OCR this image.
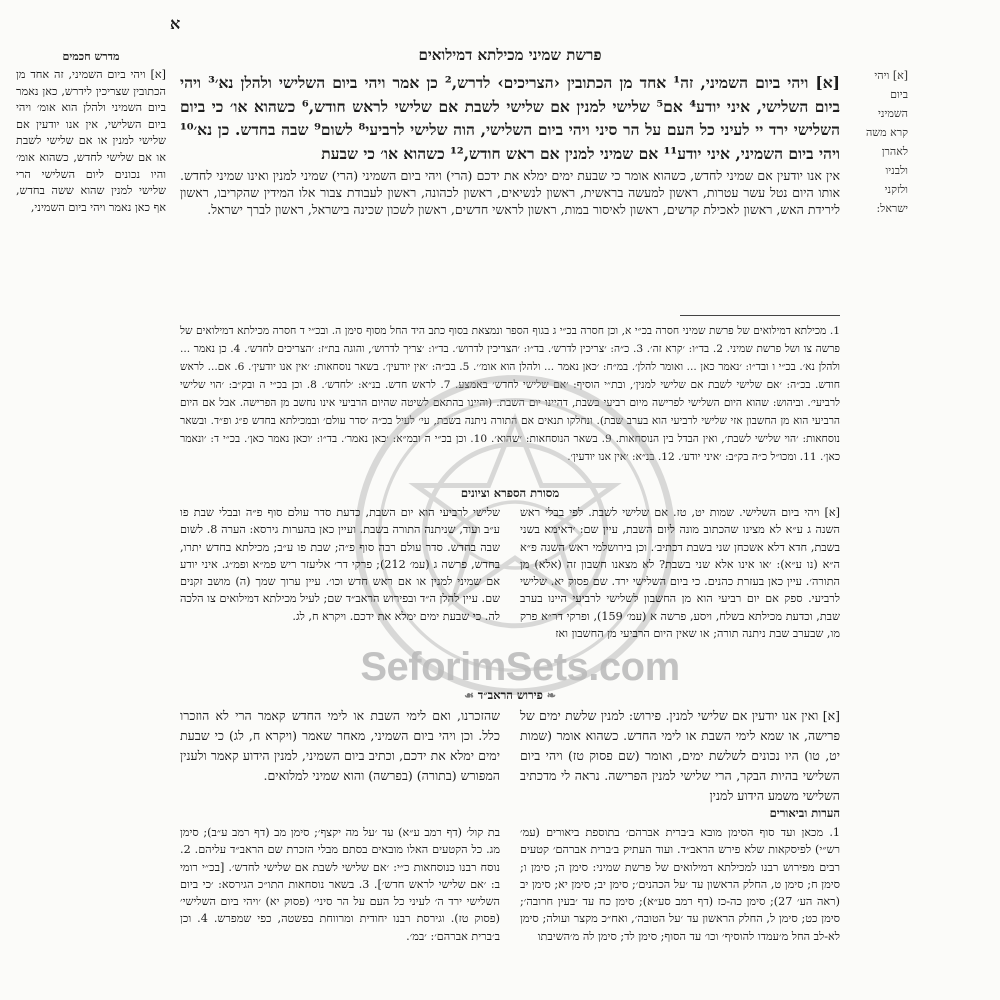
א
[א] ויהי ביום השמיני קרא משה לאהרן ולבניו ולזקני ישראל:
פרשת שמיני מכילתא דמילואים
[א] ויהי ביום השמיני, זה¹ אחד מן הכתובין ‹הצריכים› לדרש,² כן אמר ויהי ביום השלישי ולהלן נא׳³ ויהי ביום השלישי, איני יודע⁴ אם⁵ שלישי למנין אם שלישי לשבת אם שלישי לראש חודש,⁶ כשהוא או׳ כי ביום השלישי ירד יי לעיני כל העם על הר סיני ויהי ביום השלישי, הוה שלישי לרביעי⁸ לשום⁹ שבה בחדש. כן נא׳¹⁰ ויהי ביום השמיני, איני יודע¹¹ אם שמיני למנין אם ראש חודש,¹² כשהוא או׳ כי שבעת
אין אנו יודעין אם שמיני לחדש, כשהוא אומר כי שבעת ימים ימלא את ידכם (הרי) ויהי ביום השמיני (הרי) שמיני למנין ואינו שמיני לחדש. אותו היום נטל עשר עטרות, ראשון למעשה בראשית, ראשון לנשיאים, ראשון לכהונה, ראשון לעבודת צבור אלו המידין שהקריבו, ראשון לירידת האש, ראשון לאכילת קדשים, ראשון לאיסור במות, ראשון לראשי חדשים, ראשון לשכון שכינה בישראל, ראשון לברך ישראל.
מדרש חכמים
[א] ויהי ביום השמיני, זה אחד מן הכתובין שצריכין לידרש, כאן נאמר ביום השמיני ולהלן הוא אומ׳ ויהי ביום השלישי, אין אנו יודעין אם שלישי למנין או אם שלישי לשבת או אם שלישי לחדש, כשהוא אומ׳ והיו נכונים ליום השלישי הרי שלישי למנין שהוא ששה בחדש, אף כאן נאמר ויהי ביום השמיני,
1. מכילתא דמילואים של פרשת שמיני חסרה בכ״י א, וכן חסרה בכ״י ג בגוף הספר ונמצאת בסוף כתב היד החל מסוף סימן ה. ובכ״י ד חסרה מכילתא דמילואים של פרשה צו ושל פרשת שמיני. 2. בד״ו: ׳קרא זה׳. 3. כ״ה: ׳צריכין לדרש׳. בד״ו: ׳הצריכין לדרוש׳. בד״ו: ׳צריך לדרוש׳, והוגה בת״ז: ׳הצריכים לחדש׳. 4. כן נאמר ... ולהלן נא׳. בכ״י ו ובד״ו: ׳נאמר כאן ... ואומר להלן׳. במ״ח: ׳כאן נאמר ... ולהלן הוא אומ׳׳. 5. בכ״ה: ׳אין יודעין׳. בשאר נוסחאות: ׳אין אנו יודעין׳. 6. אם... לראש חודש. בכ״ה: ׳אם שלישי לשבת אם שלישי למנין׳, ובת״י הוסיף: ׳אם שלישי לחדש׳ באמצע. 7. לראש חדש. בנ״א: ׳לחדש׳. 8. וכן בכ״י ה ובק״ב: ׳הוי שלישי לרביעי׳. וביהוש: שהוא היום השלישי לפרישה מיום רביעי בשבת, דהיינו יום השבת. (והיינו בהתאם לשיטה שהיום הרביעי אינו נחשב מן הפרישה. אבל אם היום הרביעי הוא מן החשבון אזי שלישי לרביעי הוא בערב שבת). ונחלקו תנאים אם התורה ניתנה בשבת, עי׳ לעיל בכ״ה ׳סדר עולם׳ ובמכילתא בחדש פ״ג ופ״ד. ובשאר נוסחאות: ׳הוי שלישי לשבת׳, ואין הבדל בין הנוסחאות. 9. בשאר הנוסחאות: ׳שהוא׳. 10. וכן בכ״י ה ובמ״א: ׳כאן נאמר׳. בד״ו: ׳וכאן נאמר כאן׳. בכ״י ד: ׳ונאמר כאן׳. 11. ומכו״ל כ״ה בק״ב: ׳איני יודע׳. 12. בנ״א: ׳אין אנו יודעין׳.
מסורת הספרא וציונים
[א] ויהי ביום השלישי. שמות יט, טז. אם שלישי לשבת. לפי בבלי ראש השנה ג ע״א לא מצינו שהכתוב מונה ליום השבת, עיין שם: ׳דאימא בשני בשבת, חדא דלא אשכחן שני בשבת דכתיב׳. וכן בירושלמי ראש השנה פ״א ה״א (נו ע״א): ׳או אינו אלא שני בשבת? לא מצאנו חשבון זה (אלא) מן התורה׳. עיין כאן בעזרת כהנים. כי ביום השלישי ירד. שם פסוק יא. שלישי לרביעי. ספק אם יום רביעי הוא מן החשבון לשלישי לרביעי היינו בערב שבת, וכדעת מכילתא בשלח, ויסע, פרשה א (עמ׳ 159), ופרקי דר״א פרק מו, שבערב שבת ניתנה תורה; או שאין היום הרביעי מן החשבון ואז
שלישי לרביעי הוא יום השבת, כדעת סדר עולם סוף פ״ה ובבלי שבת פו ע״ב ועוד, שניתנה התורה בשבת. ועיין כאן בהערות גירסא: הערה 8. לשום שבה בחדש. סדר עולם רבה סוף פ״ה; שבת פו ע״ב; מכילתא בחדש יתרו, בחדש, פרשה ג (עמ׳ 212); פרקי דר׳ אליעזר ריש פמ״א ופמ״ג. איני יודע אם שמיני למנין או אם ראש חדש וכו׳. עיין ערוך שמך (ה) מושב זקנים שם. עיין להלן ה״ד ובפירוש הראב״ד שם; לעיל מכילתא דמילואים צו הלכה לה. כי שבעת ימים ימלא את ידכם. ויקרא ח, לג.
SeforimSets.com
❧ פירוש הראב״ד ☙
[א] ואין אנו יודעין אם שלישי למנין. פירוש: למנין שלשת ימים של פרישה, או שמא לימי השבת או לימי החדש. כשהוא אומר (שמות יט, טו) היו נכונים לשלשת ימים, ואומר (שם פסוק טז) ויהי ביום השלישי בהיות הבקר, הרי שלישי למנין הפרישה. נראה לי מדכתיב השלישי משמע הידוע למנין
שהזכרנו, ואם לימי השבת או לימי החדש קאמר הרי לא הוזכרו כלל. וכן ויהי ביום השמיני, מאחר שאמר (ויקרא ח, לג) כי שבעת ימים ימלא את ידכם, וכתיב ביום השמיני, למנין הידוע קאמר ולענין המפורש (בתורה) (בפרשה) והוא שמיני למלואים.
הערות וביאורים
1. מכאן ועד סוף הסימן מובא ב׳ברית אברהם׳ בתוספת ביאורים (עמ׳ רש״י) לפיסקאות שלא פירש הראב״ד. ועוד העתיק ב׳ברית אברהם׳ קטעים רבים מפירוש רבנו למכילתא דמילואים של פרשת שמיני: סימן ה; סימן ו; סימן ח; סימן ט, החלק הראשון עד ׳על הכהנים׳; סימן יב; סימן יא; סימן יב (ראה הע׳ 27); סימן כה-כז (דף רמב סע״א); סימן כח עד ׳בעין חרובה׳; סימן כט; סימן ל, החלק הראשון עד ׳על הטובה׳, ואח״כ מקצר ועולה; סימן לא-לב החל מ׳עמדו להוסיף׳ וכו׳ עד הסוף; סימן לד; סימן לה מ׳השיבתו
בת קול׳ (דף רמב ע״א) עד ׳על מה יקצף׳; סימן מב (דף רמב ע״ב); סימן מג. כל הקטעים האלו מובאים בסתם מבלי הזכרת שם הראב״ד עליהם. 2. נוסח רבנו כנוסחאות כ״י: ׳אם שלישי לשבת אם שלישי לחדש׳. [בכ״י רומי ב: ׳אם שלישי לראש חדש׳]. 3. בשאר נוסחאות התו״כ הגירסא: ׳כי ביום השלישי ירד ה׳ לעיני כל העם על הר סיני׳ (פסוק יא) ׳ויהי ביום השלישי׳ (פסוק טז). וגירסת רבנו יחודית ומרווחת בפשטה, כפי שמפרש. 4. וכן ב׳ברית אברהם׳: ׳במ׳.
